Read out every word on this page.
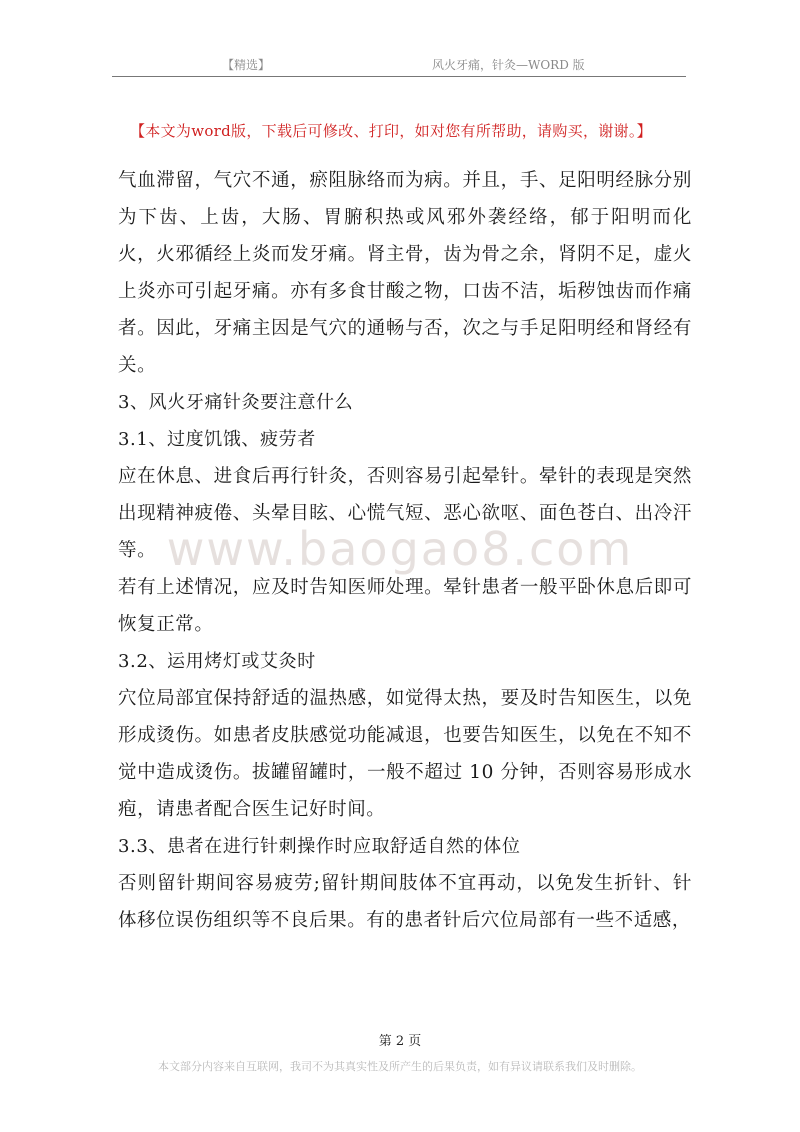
【精选】	风火牙痛，针灸—WORD 版
【本文为word版，下载后可修改、打印，如对您有所帮助，请购买，谢谢。】
www.baogao8.com

气血滞留，气穴不通，瘀阻脉络而为病。并且，手、足阳明经脉分别为下齿、上齿，大肠、胃腑积热或风邪外袭经络，郁于阳明而化 火，火邪循经上炎而发牙痛。肾主骨，齿为骨之余，肾阴不足，虚火上炎亦可引起牙痛。亦有多食甘酸之物，口齿不洁，垢秽蚀齿而作痛者。因此，牙痛主因是气穴的通畅与否，次之与手足阳明经和肾经有关。

3、风火牙痛针灸要注意什么

3.1、过度饥饿、疲劳者

应在休息、进食后再行针灸，否则容易引起晕针。晕针的表现是突然出现精神疲倦、头晕目眩、心慌气短、恶心欲呕、面色苍白、出冷汗等。

若有上述情况，应及时告知医师处理。晕针患者一般平卧休息后即可恢复正常。

3.2、运用烤灯或艾灸时

穴位局部宜保持舒适的温热感，如觉得太热，要及时告知医生，以免形成烫伤。如患者皮肤感觉功能减退，也要告知医生，以免在不知不觉中造成烫伤。拔罐留罐时，一般不超过 10 分钟，否则容易形成水疱，请患者配合医生记好时间。

3.3、患者在进行针刺操作时应取舒适自然的体位

否则留针期间容易疲劳;留针期间肢体不宜再动，以免发生折针、针体移位误伤组织等不良后果。有的患者针后穴位局部有一些不适感，

第 2 页
本文部分内容来自互联网，我司不为其真实性及所产生的后果负责，如有异议请联系我们及时删除。
